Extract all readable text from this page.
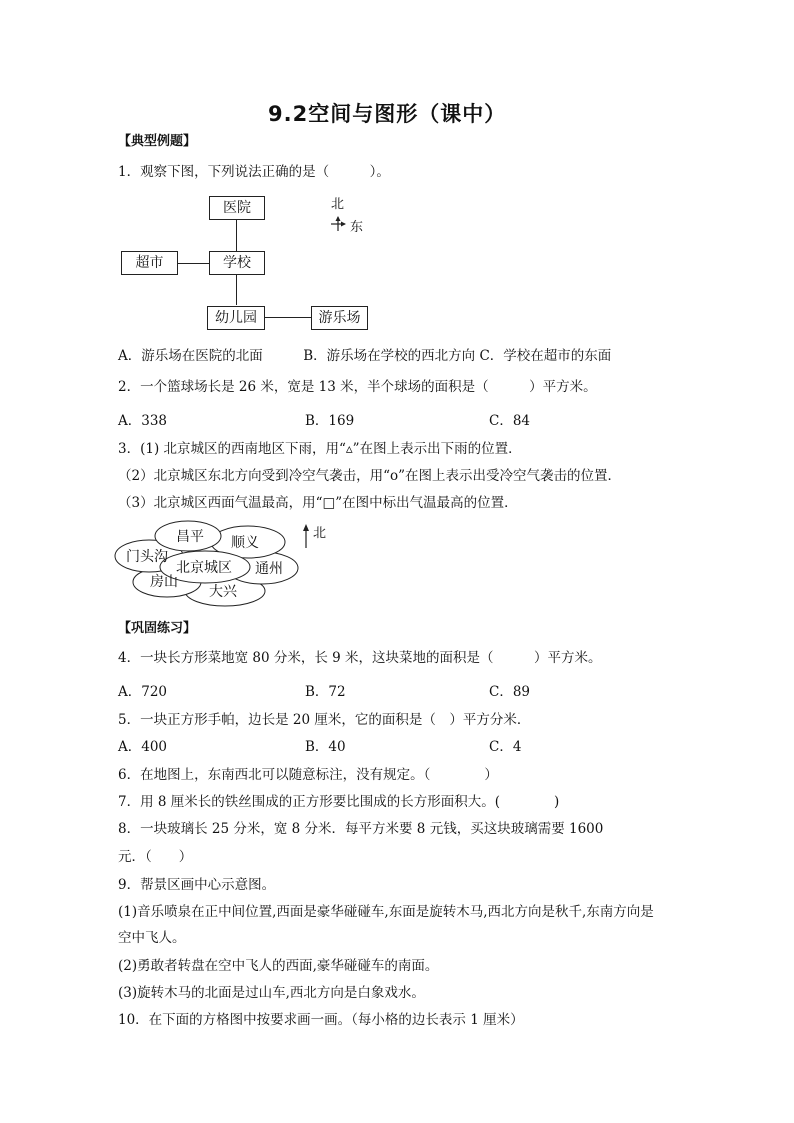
9.2空间与图形（课中）
【典型例题】
1．观察下图，下列说法正确的是（　　　）。
医院
超市	学校
幼儿园	游乐场
北
东
A．游乐场在医院的北面　　　B．游乐场在学校的西北方向 C．学校在超市的东面
2．一个篮球场长是 26 米，宽是 13 米，半个球场的面积是（　　　）平方米。
A．338	B．169	C．84
3．(1) 北京城区的西南地区下雨，用“▵”在图上表示出下雨的位置．
（2）北京城区东北方向受到冷空气袭击，用“o”在图上表示出受冷空气袭击的位置．
（3）北京城区西面气温最高，用“□”在图中标出气温最高的位置．
昌平 顺义
门头沟
北京城区 通州
房山
大兴
北
【巩固练习】
4．一块长方形菜地宽 80 分米，长 9 米，这块菜地的面积是（　　　）平方米。
A．720	B．72	C．89
5．一块正方形手帕，边长是 20 厘米，它的面积是（　）平方分米．
A．400	B．40	C．4
6．在地图上，东南西北可以随意标注，没有规定。（　　　　）
7．用 8 厘米长的铁丝围成的正方形要比围成的长方形面积大。(　　　　)
8．一块玻璃长 25 分米，宽 8 分米．每平方米要 8 元钱，买这块玻璃需要 1600
元．（　　）
9．帮景区画中心示意图。
(1)音乐喷泉在正中间位置,西面是豪华碰碰车,东面是旋转木马,西北方向是秋千,东南方向是
空中飞人。
(2)勇敢者转盘在空中飞人的西面,豪华碰碰车的南面。
(3)旋转木马的北面是过山车,西北方向是白象戏水。
10．在下面的方格图中按要求画一画。（每小格的边长表示 1 厘米）
